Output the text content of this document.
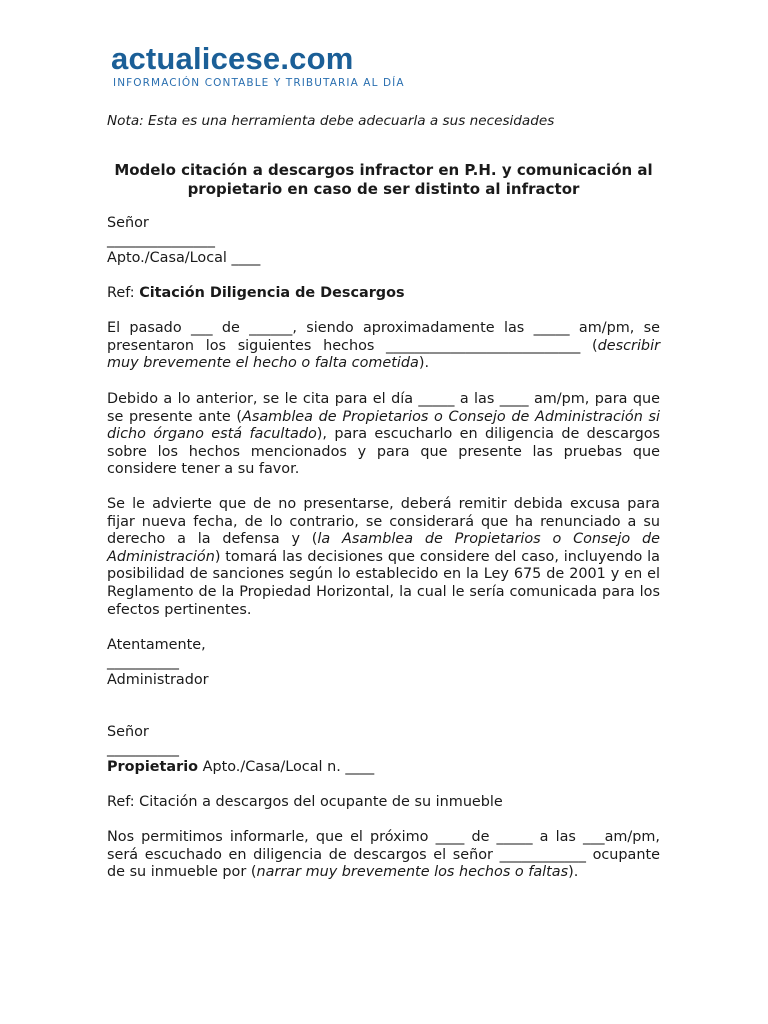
actualicese.com
INFORMACIÓN CONTABLE Y TRIBUTARIA AL DÍA

Nota: Esta es una herramienta debe adecuarla a sus necesidades

Modelo citación a descargos infractor en P.H. y comunicación al propietario en caso de ser distinto al infractor

Señor

_______________

Apto./Casa/Local ____

Ref: Citación Diligencia de Descargos

El pasado ___ de ______, siendo aproximadamente las _____ am/pm, se presentaron los siguientes hechos ___________________________ (describir muy brevemente el hecho o falta cometida).

Debido a lo anterior, se le cita para el día _____ a las ____ am/pm, para que se presente ante (Asamblea de Propietarios o Consejo de Administración si dicho órgano está facultado), para escucharlo en diligencia de descargos sobre los hechos mencionados y para que presente las pruebas que considere tener a su favor.

Se le advierte que de no presentarse, deberá remitir debida excusa para fijar nueva fecha, de lo contrario, se considerará que ha renunciado a su derecho a la defensa y (la Asamblea de Propietarios o Consejo de Administración) tomará las decisiones que considere del caso, incluyendo la posibilidad de sanciones según lo establecido en la Ley 675 de 2001 y en el Reglamento de la Propiedad Horizontal, la cual le sería comunicada para los efectos pertinentes.

Atentamente,

__________

Administrador

Señor

__________

Propietario Apto./Casa/Local n. ____

Ref: Citación a descargos del ocupante de su inmueble

Nos permitimos informarle, que el próximo ____ de _____ a las ___am/pm, será escuchado en diligencia de descargos el señor ____________ ocupante de su inmueble por (narrar muy brevemente los hechos o faltas).
